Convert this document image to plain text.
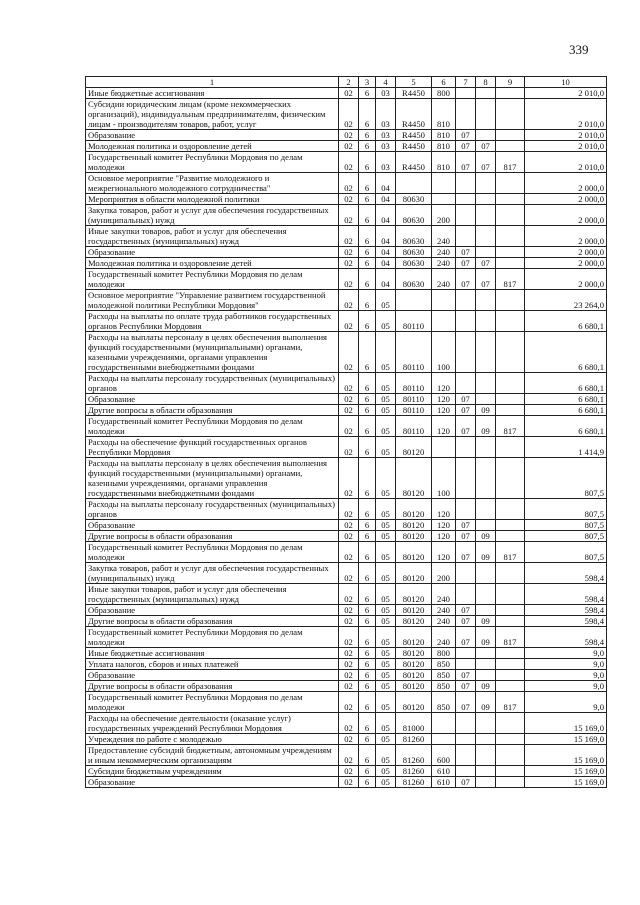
339
1	2	3	4	5	6	7	8	9	10
Иные бюджетные ассигнования	02	6	03	R4450	800				2 010,0
Субсидии юридическим лицам (кроме некоммерческих организаций), индивидуальным предпринимателям, физическим лицам - производителям товаров, работ, услуг	02	6	03	R4450	810				2 010,0
Образование	02	6	03	R4450	810	07			2 010,0
Молодежная политика и оздоровление детей	02	6	03	R4450	810	07	07		2 010,0
Государственный комитет Республики Мордовия по делам молодежи	02	6	03	R4450	810	07	07	817	2 010,0
Основное мероприятие "Развитие молодежного и межрегионального молодежного сотрудничества"	02	6	04						2 000,0
Мероприятия в области молодежной политики	02	6	04	80630					2 000,0
Закупка товаров, работ и услуг для обеспечения государственных (муниципальных) нужд	02	6	04	80630	200				2 000,0
Иные закупки товаров, работ и услуг для обеспечения государственных (муниципальных) нужд	02	6	04	80630	240				2 000,0
Образование	02	6	04	80630	240	07			2 000,0
Молодежная политика и оздоровление детей	02	6	04	80630	240	07	07		2 000,0
Государственный комитет Республики Мордовия по делам молодежи	02	6	04	80630	240	07	07	817	2 000,0
Основное мероприятие "Управление развитием государственной молодежной политики Республики Мордовия"	02	6	05						23 264,0
Расходы на выплаты по оплате труда работников государственных органов Республики Мордовия	02	6	05	80110					6 680,1
Расходы на выплаты персоналу в целях обеспечения выполнения функций государственными (муниципальными) органами, казенными учреждениями, органами управления государственными внебюджетными фондами	02	6	05	80110	100				6 680,1
Расходы на выплаты персоналу государственных (муниципальных) органов	02	6	05	80110	120				6 680,1
Образование	02	6	05	80110	120	07			6 680,1
Другие вопросы в области образования	02	6	05	80110	120	07	09		6 680,1
Государственный комитет Республики Мордовия по делам молодежи	02	6	05	80110	120	07	09	817	6 680,1
Расходы на обеспечение функций государственных органов Республики Мордовия	02	6	05	80120					1 414,9
Расходы на выплаты персоналу в целях обеспечения выполнения функций государственными (муниципальными) органами, казенными учреждениями, органами управления государственными внебюджетными фондами	02	6	05	80120	100				807,5
Расходы на выплаты персоналу государственных (муниципальных) органов	02	6	05	80120	120				807,5
Образование	02	6	05	80120	120	07			807,5
Другие вопросы в области образования	02	6	05	80120	120	07	09		807,5
Государственный комитет Республики Мордовия по делам молодежи	02	6	05	80120	120	07	09	817	807,5
Закупка товаров, работ и услуг для обеспечения государственных (муниципальных) нужд	02	6	05	80120	200				598,4
Иные закупки товаров, работ и услуг для обеспечения государственных (муниципальных) нужд	02	6	05	80120	240				598,4
Образование	02	6	05	80120	240	07			598,4
Другие вопросы в области образования	02	6	05	80120	240	07	09		598,4
Государственный комитет Республики Мордовия по делам молодежи	02	6	05	80120	240	07	09	817	598,4
Иные бюджетные ассигнования	02	6	05	80120	800				9,0
Уплата налогов, сборов и иных платежей	02	6	05	80120	850				9,0
Образование	02	6	05	80120	850	07			9,0
Другие вопросы в области образования	02	6	05	80120	850	07	09		9,0
Государственный комитет Республики Мордовия по делам молодежи	02	6	05	80120	850	07	09	817	9,0
Расходы на обеспечение деятельности (оказание услуг) государственных учреждений Республики Мордовия	02	6	05	81000					15 169,0
Учреждения по работе с молодежью	02	6	05	81260					15 169,0
Предоставление субсидий бюджетным, автономным учреждениям и иным некоммерческим организациям	02	6	05	81260	600				15 169,0
Субсидии бюджетным учреждениям	02	6	05	81260	610				15 169,0
Образование	02	6	05	81260	610	07			15 169,0
